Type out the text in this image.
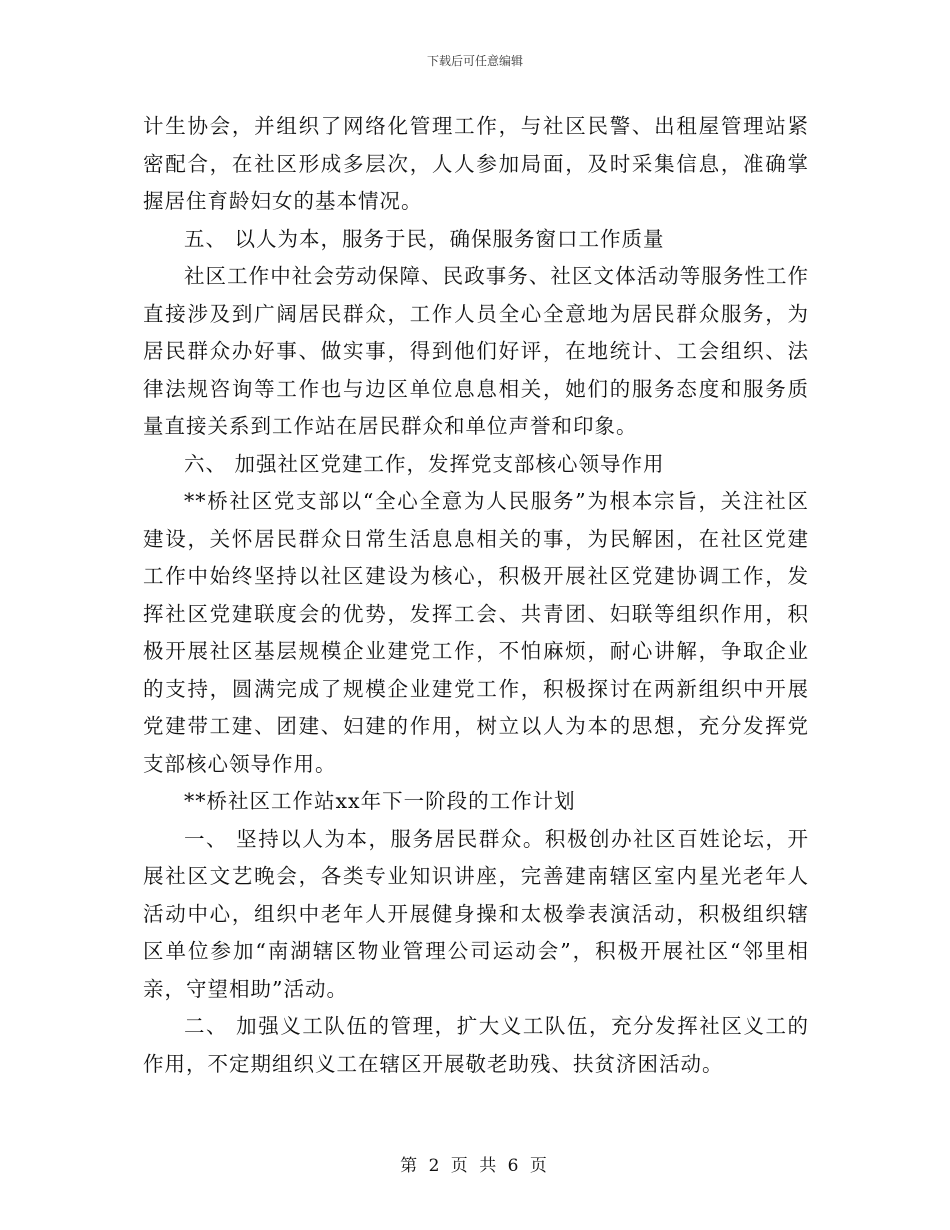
下载后可任意编辑

计生协会，并组织了网络化管理工作，与社区民警、出租屋管理站紧密配合，在社区形成多层次，人人参加局面，及时采集信息，准确掌握居住育龄妇女的基本情况。

五、 以人为本，服务于民，确保服务窗口工作质量

社区工作中社会劳动保障、民政事务、社区文体活动等服务性工作直接涉及到广阔居民群众，工作人员全心全意地为居民群众服务，为居民群众办好事、做实事，得到他们好评，在地统计、工会组织、法律法规咨询等工作也与边区单位息息相关，她们的服务态度和服务质量直接关系到工作站在居民群众和单位声誉和印象。

六、 加强社区党建工作，发挥党支部核心领导作用

**桥社区党支部以“全心全意为人民服务”为根本宗旨，关注社区建设，关怀居民群众日常生活息息相关的事，为民解困，在社区党建工作中始终坚持以社区建设为核心，积极开展社区党建协调工作，发挥社区党建联度会的优势，发挥工会、共青团、妇联等组织作用，积极开展社区基层规模企业建党工作，不怕麻烦，耐心讲解，争取企业的支持，圆满完成了规模企业建党工作，积极探讨在两新组织中开展党建带工建、团建、妇建的作用，树立以人为本的思想，充分发挥党支部核心领导作用。

**桥社区工作站xx年下一阶段的工作计划

一、 坚持以人为本，服务居民群众。积极创办社区百姓论坛，开展社区文艺晚会，各类专业知识讲座，完善建南辖区室内星光老年人活动中心，组织中老年人开展健身操和太极拳表演活动，积极组织辖区单位参加“南湖辖区物业管理公司运动会”，积极开展社区“邻里相亲，守望相助”活动。

二、 加强义工队伍的管理，扩大义工队伍，充分发挥社区义工的作用，不定期组织义工在辖区开展敬老助残、扶贫济困活动。

第 2 页 共 6 页
